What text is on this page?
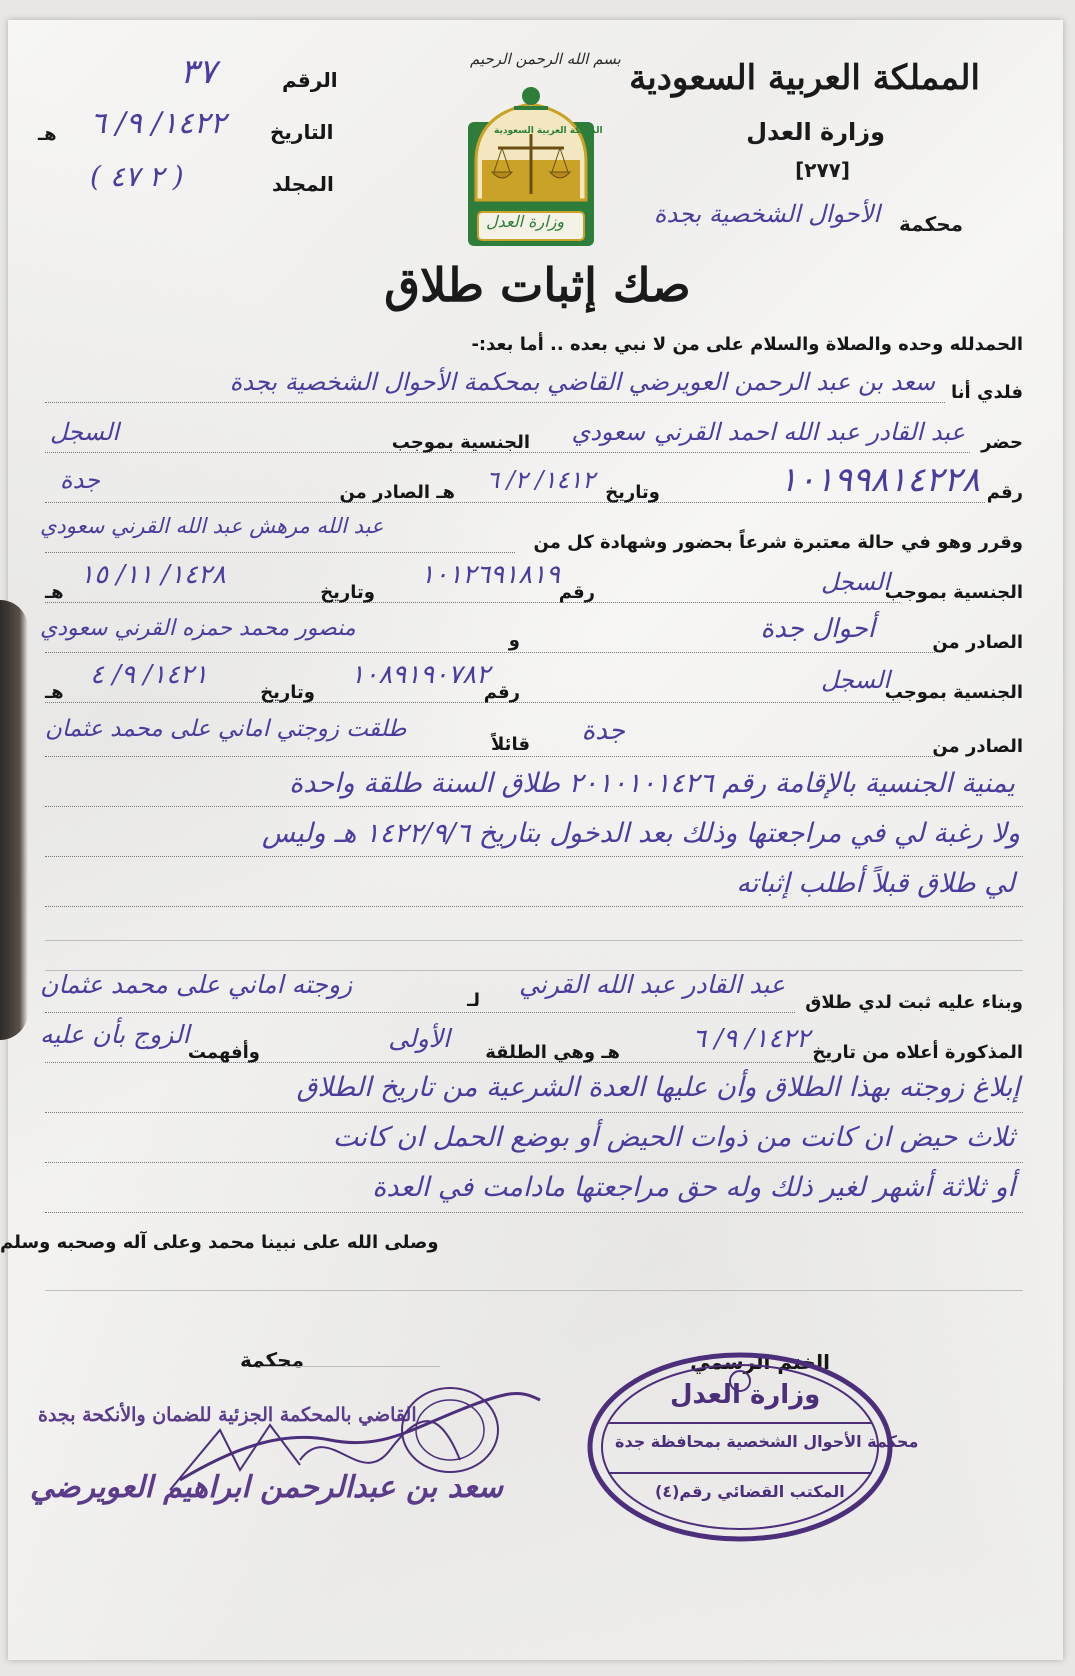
المملكة العربية السعودية
وزارة العدل
[٢٧٧]
محكمة
الأحوال الشخصية بجدة
بسم الله الرحمن الرحيم
وزارة العدل
المملكة العربية السعودية
الرقم
٣٧
التاريخ
١٤٢٢/ ٩/ ٦
هـ
المجلد
( ٢ ٤٧ )
صك إثبات طلاق
الحمدلله وحده والصلاة والسلام على من لا نبي بعده .. أما بعد:-
فلدي أنا
سعد بن عبد الرحمن العويرضي القاضي بمحكمة الأحوال الشخصية بجدة
حضر
عبد القادر عبد الله احمد القرني
سعودي
الجنسية بموجب
السجل
رقم
١٠١٩٩٨١٤٢٢٨
وتاريخ
١٤١٢/ ٢/ ٦
هـ الصادر من
جدة
وقرر وهو في حالة معتبرة شرعاً بحضور وشهادة كل من
عبد الله مرهش عبد الله القرني سعودي
الجنسية بموجب
السجل
رقم
١٠١٢٦٩١٨١٩
وتاريخ
١٤٢٨/ ١١/ ١٥
هـ
الصادر من
أحوال جدة
و
منصور محمد حمزه القرني سعودي
الجنسية بموجب
السجل
رقم
١٠٨٩١٩٠٧٨٢
وتاريخ
١٤٢١/ ٩/ ٤
هـ
الصادر من
جدة
قائلاً
طلقت زوجتي اماني على محمد عثمان
يمنية الجنسية بالإقامة رقم ٢٠١٠١٠١٤٢٦ طلاق السنة طلقة واحدة
ولا رغبة لي في مراجعتها وذلك بعد الدخول بتاريخ ١٤٢٢/٩/٦ هـ وليس
لي طلاق قبلاً أطلب إثباته
وبناء عليه ثبت لدي طلاق
عبد القادر عبد الله القرني
لـ
زوجته اماني على محمد عثمان
المذكورة أعلاه من تاريخ
١٤٢٢/ ٩/ ٦
هـ وهي الطلقة
الأولى
وأفهمت
الزوج بأن عليه
إبلاغ زوجته بهذا الطلاق وأن عليها العدة الشرعية من تاريخ الطلاق
ثلاث حيض ان كانت من ذوات الحيض أو بوضع الحمل ان كانت
أو ثلاثة أشهر لغير ذلك وله حق مراجعتها مادامت في العدة
وصلى الله على نبينا محمد وعلى آله وصحبه وسلم
الختم الرسمي
محكمة
وزارة العدل
محكمة الأحوال الشخصية بمحافظة جدة
المكتب القضائي رقم(٤)
القاضي بالمحكمة الجزئية للضمان والأنكحة بجدة
سعد بن عبدالرحمن ابراهيم العويرضي
